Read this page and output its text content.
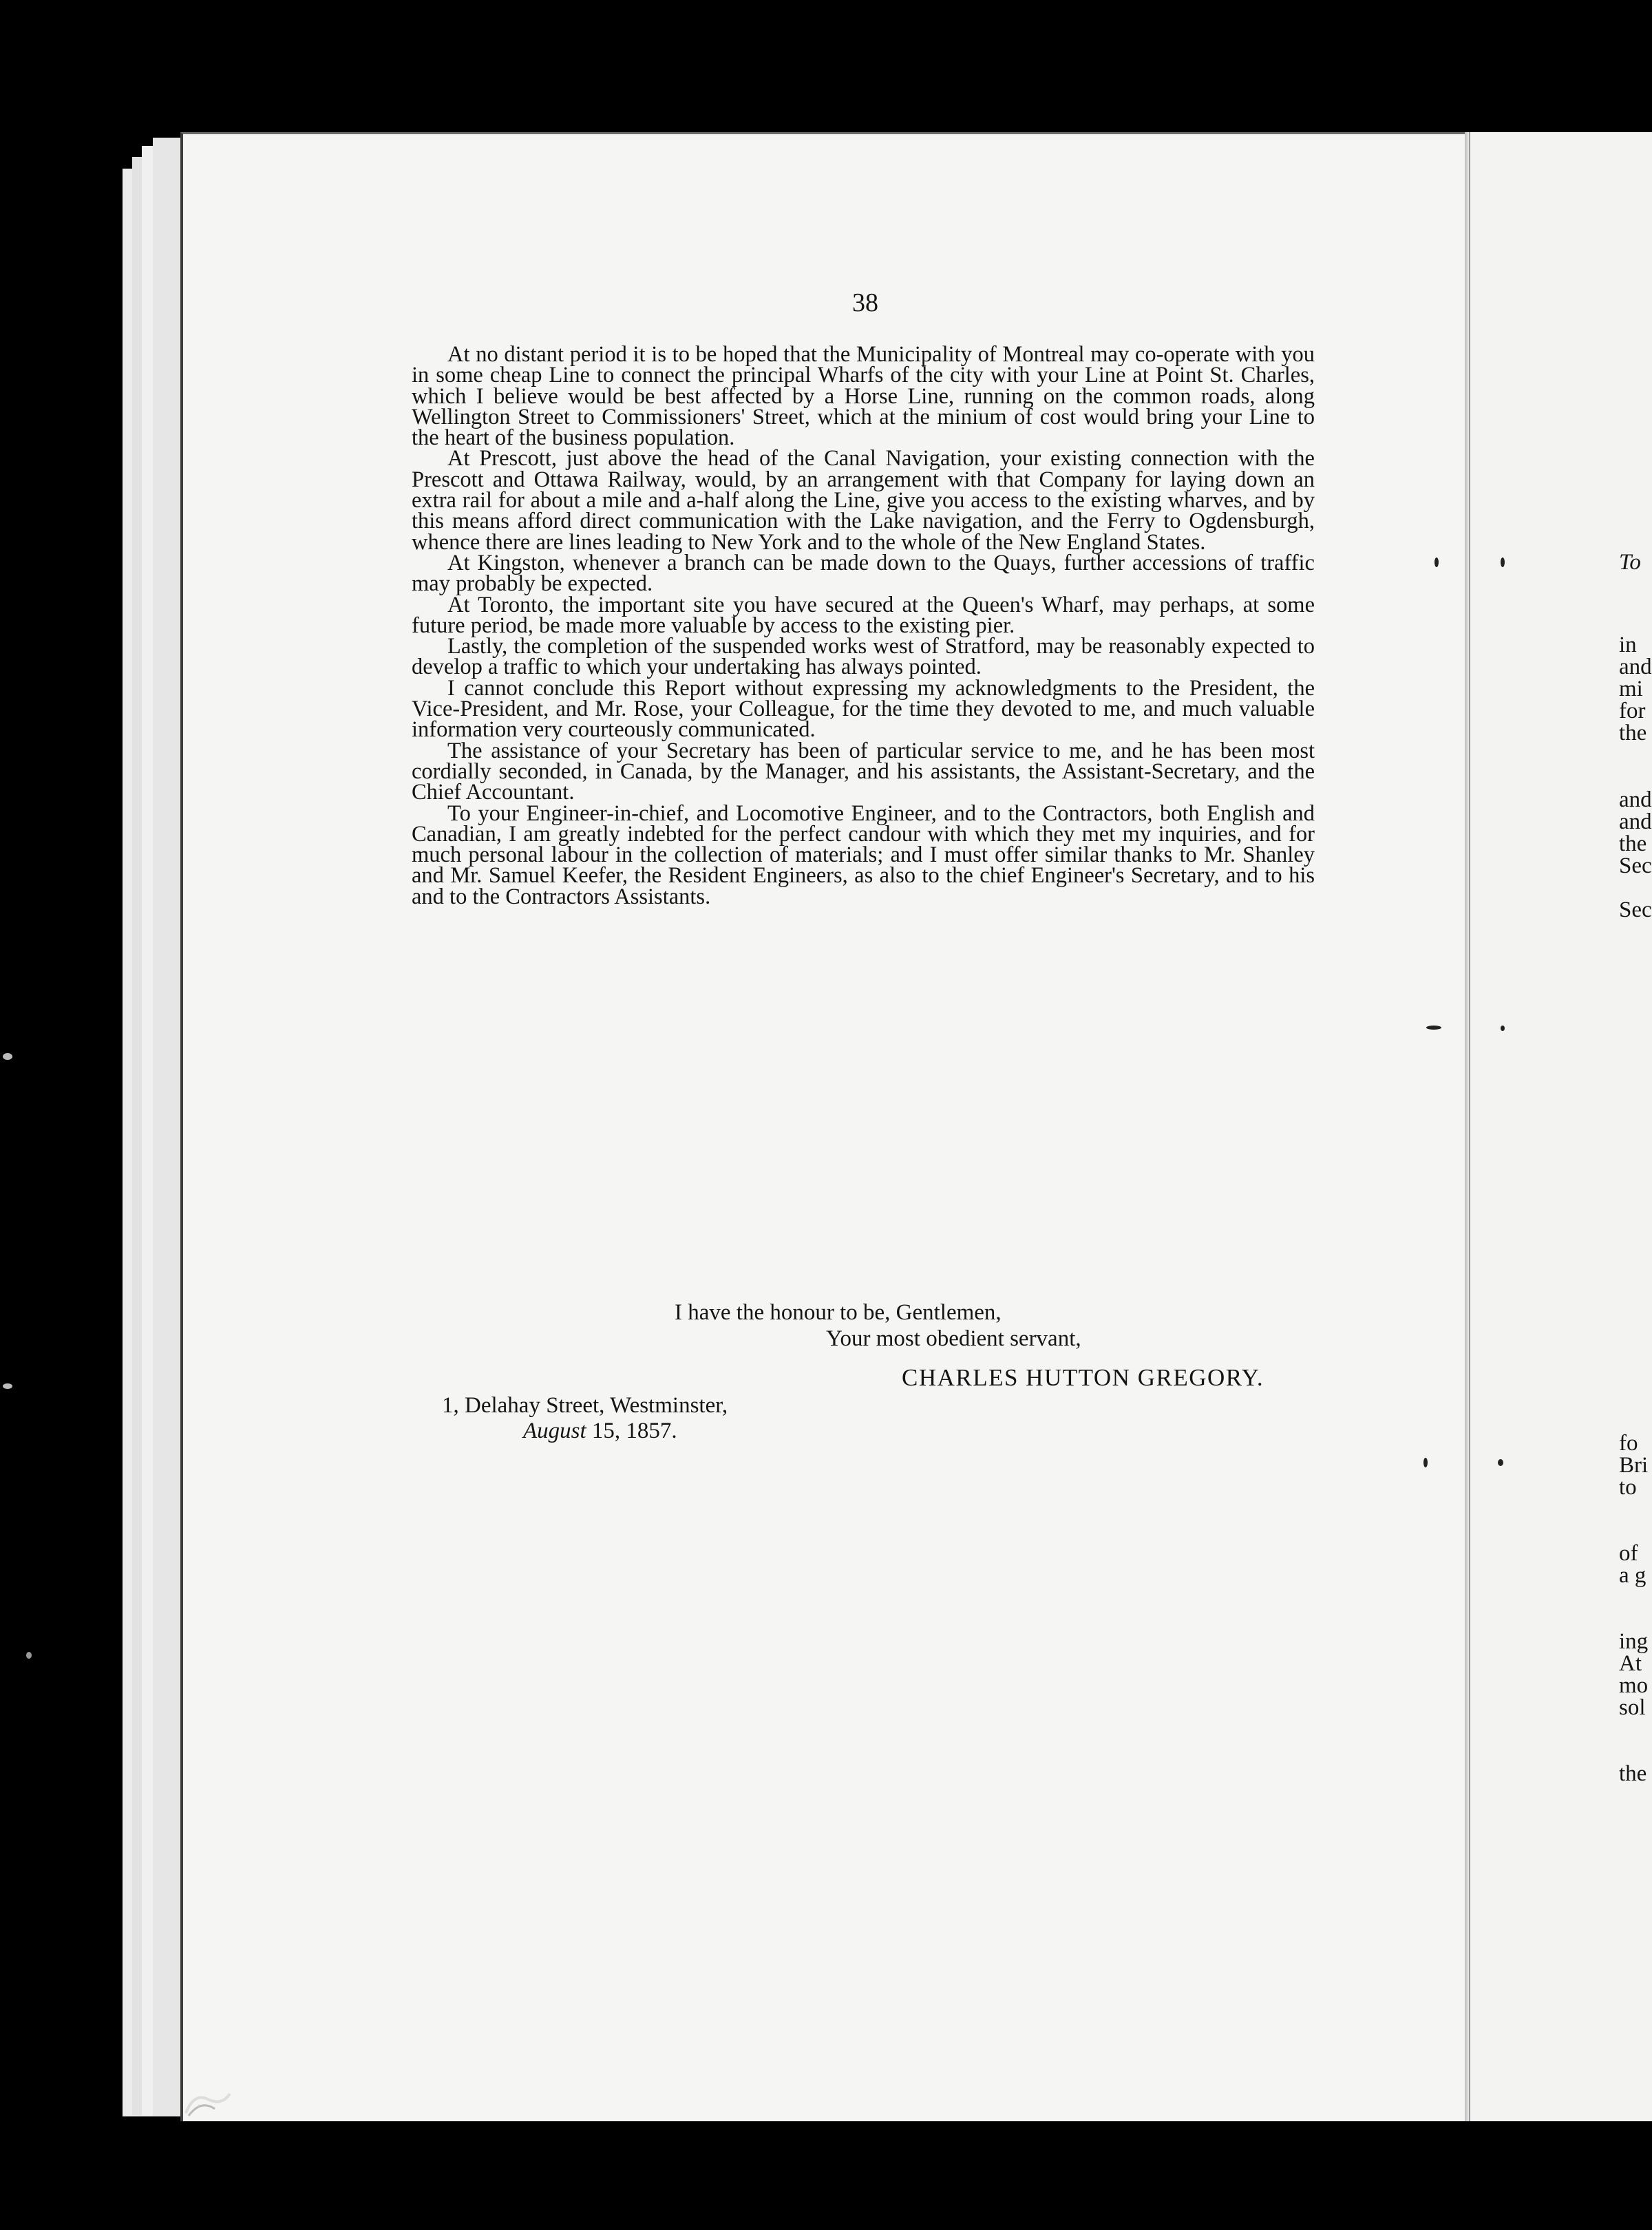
38

At no distant period it is to be hoped that the Municipality of Montreal may co-operate with you in some cheap Line to connect the principal Wharfs of the city with your Line at Point St. Charles, which I believe would be best affected by a Horse Line, running on the common roads, along Wellington Street to Commissioners' Street, which at the minium of cost would bring your Line to the heart of the business population.

At Prescott, just above the head of the Canal Navigation, your existing connection with the Prescott and Ottawa Railway, would, by an arrangement with that Company for laying down an extra rail for about a mile and a-half along the Line, give you access to the existing wharves, and by this means afford direct communication with the Lake navigation, and the Ferry to Ogdensburgh, whence there are lines leading to New York and to the whole of the New England States.

At Kingston, whenever a branch can be made down to the Quays, further accessions of traffic may probably be expected.

At Toronto, the important site you have secured at the Queen's Wharf, may perhaps, at some future period, be made more valuable by access to the existing pier.

Lastly, the completion of the suspended works west of Stratford, may be reasonably expected to develop a traffic to which your undertaking has always pointed.

I cannot conclude this Report without expressing my acknowledgments to the President, the Vice-President, and Mr. Rose, your Colleague, for the time they devoted to me, and much valuable information very courteously communicated.

The assistance of your Secretary has been of particular service to me, and he has been most cordially seconded, in Canada, by the Manager, and his assistants, the Assistant-Secretary, and the Chief Accountant.

To your Engineer-in-chief, and Locomotive Engineer, and to the Contractors, both English and Canadian, I am greatly indebted for the perfect candour with which they met my inquiries, and for much personal labour in the collection of materials; and I must offer similar thanks to Mr. Shanley and Mr. Samuel Keefer, the Resident Engineers, as also to the chief Engineer's Secretary, and to his and to the Contractors Assistants.

I have the honour to be, Gentlemen,
Your most obedient servant,
CHARLES HUTTON GREGORY.
1, Delahay Street, Westminster,
August 15, 1857.
To
in
and
mi
for
the
and
and
the
Sec
Sec
fo
Bri
to
of
a g
ing
At
mo
sol
the
